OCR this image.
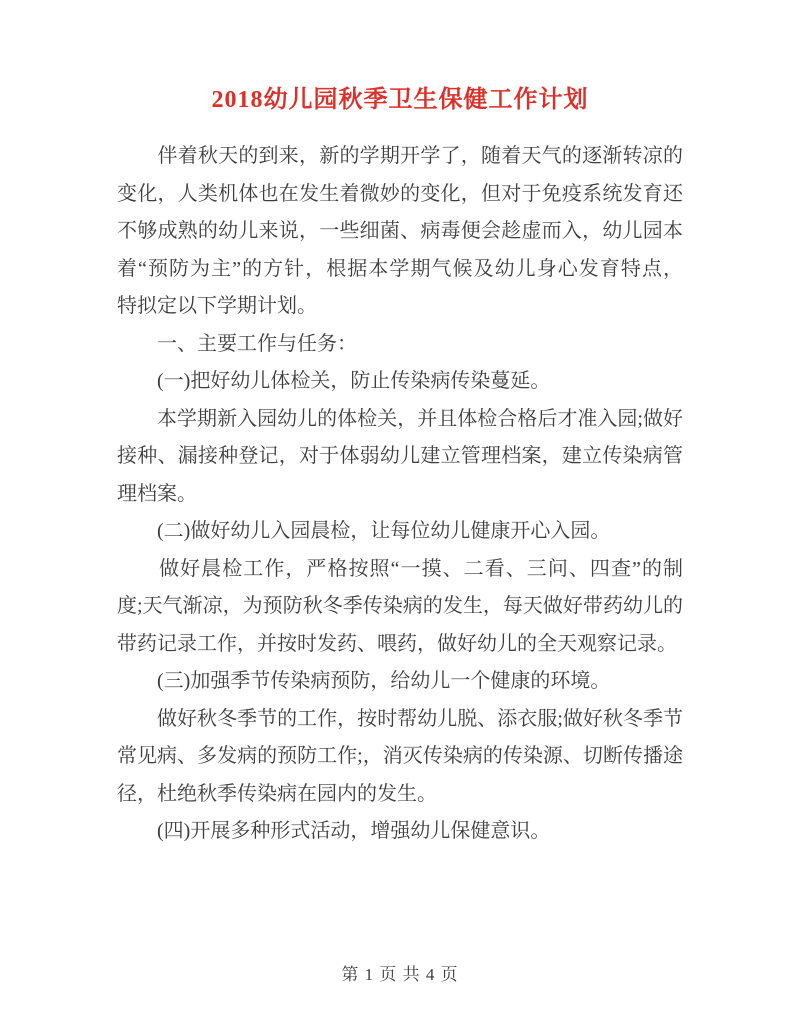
2018幼儿园秋季卫生保健工作计划
　　伴着秋天的到来，新的学期开学了，随着天气的逐渐转凉的
变化，人类机体也在发生着微妙的变化，但对于免疫系统发育还
不够成熟的幼儿来说，一些细菌、病毒便会趁虚而入，幼儿园本
着“预防为主”的方针，根据本学期气候及幼儿身心发育特点，
特拟定以下学期计划。
　　一、主要工作与任务：
　　(一)把好幼儿体检关，防止传染病传染蔓延。
　　本学期新入园幼儿的体检关，并且体检合格后才准入园;做好
接种、漏接种登记，对于体弱幼儿建立管理档案，建立传染病管
理档案。
　　(二)做好幼儿入园晨检，让每位幼儿健康开心入园。
　　做好晨检工作，严格按照“一摸、二看、三问、四查”的制
度;天气渐凉，为预防秋冬季传染病的发生，每天做好带药幼儿的
带药记录工作，并按时发药、喂药，做好幼儿的全天观察记录。
　　(三)加强季节传染病预防，给幼儿一个健康的环境。
　　做好秋冬季节的工作，按时帮幼儿脱、添衣服;做好秋冬季节
常见病、多发病的预防工作;，消灭传染病的传染源、切断传播途
径，杜绝秋季传染病在园内的发生。
　　(四)开展多种形式活动，增强幼儿保健意识。
第 1 页 共 4 页
